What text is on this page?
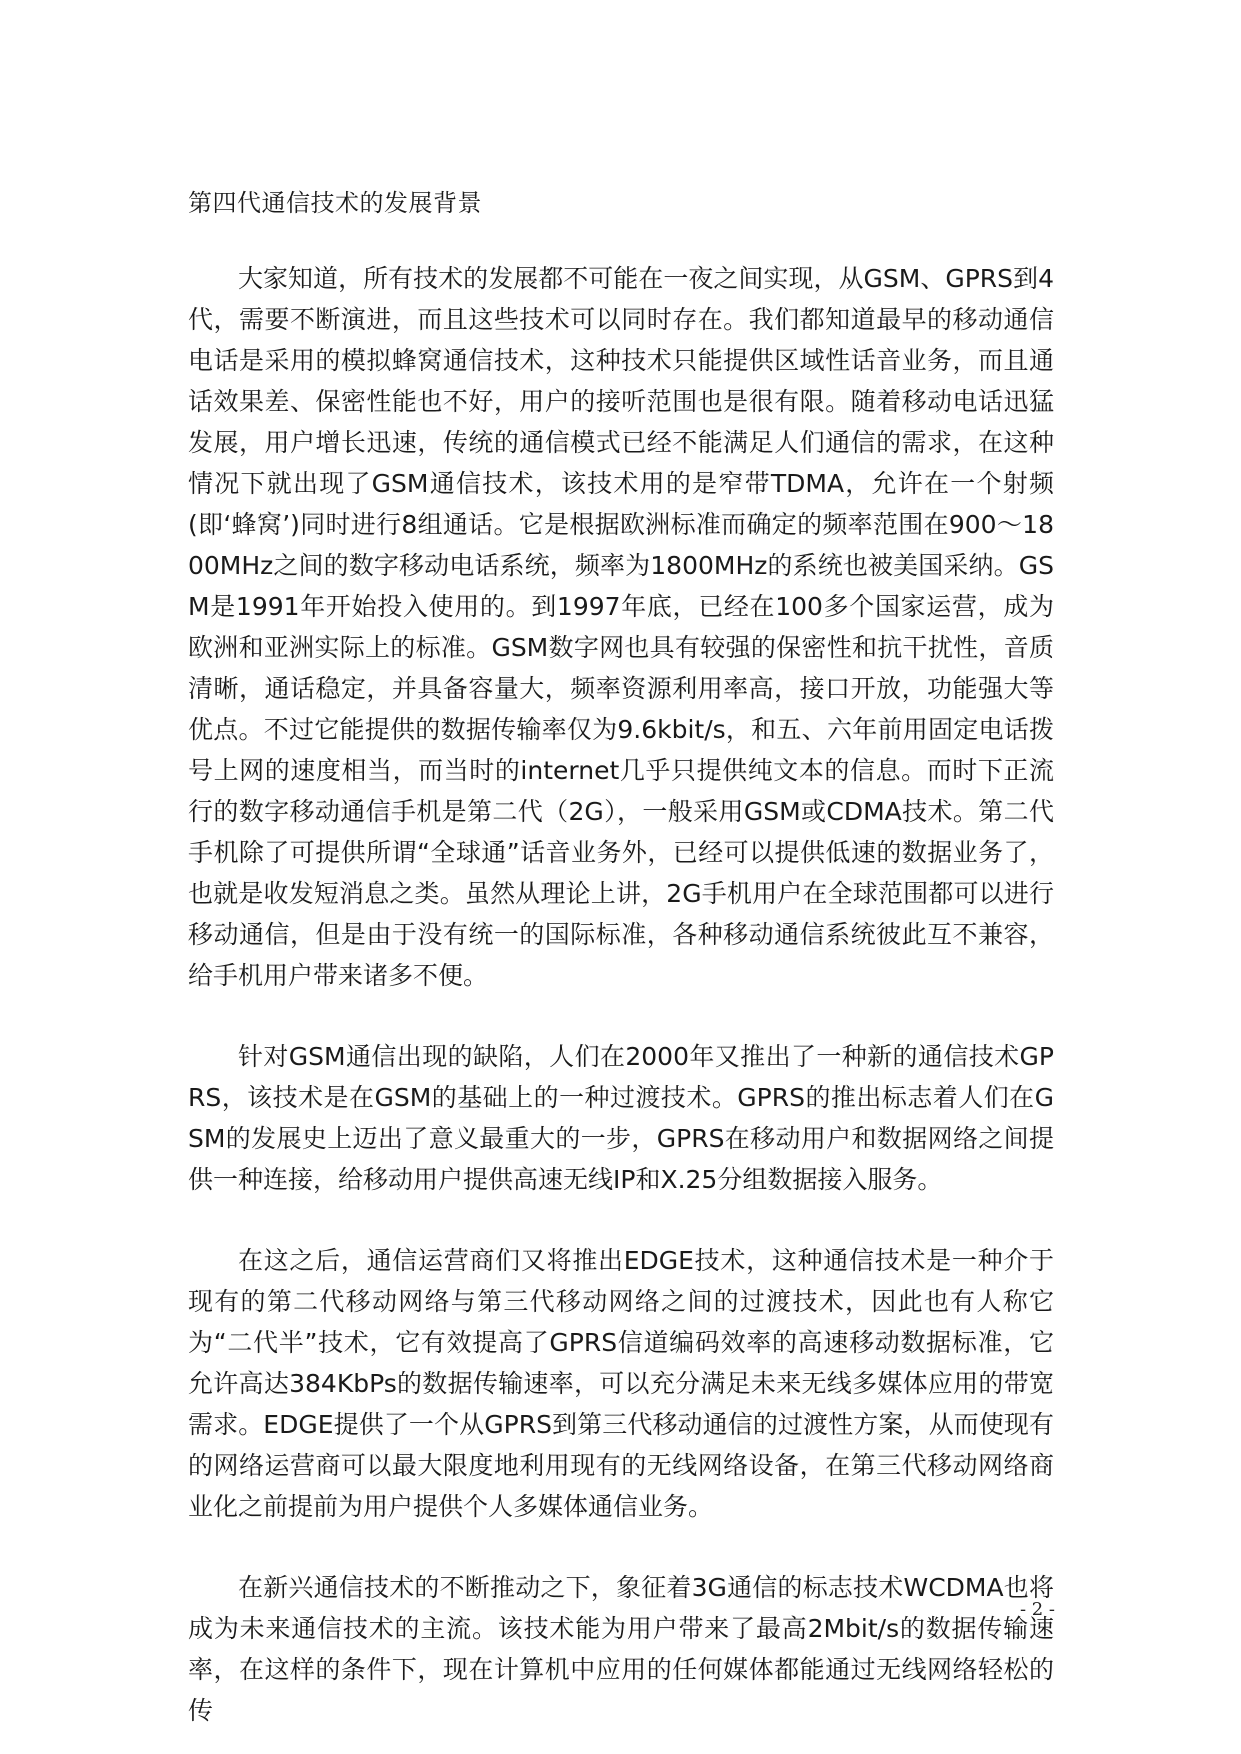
第四代通信技术的发展背景

大家知道，所有技术的发展都不可能在一夜之间实现，从GSM、GPRS到4代，需要不断演进，而且这些技术可以同时存在。我们都知道最早的移动通信电话是采用的模拟蜂窝通信技术，这种技术只能提供区域性话音业务，而且通话效果差、保密性能也不好，用户的接听范围也是很有限。随着移动电话迅猛发展，用户增长迅速，传统的通信模式已经不能满足人们通信的需求，在这种情况下就出现了GSM通信技术，该技术用的是窄带TDMA，允许在一个射频(即‘蜂窝’)同时进行8组通话。它是根据欧洲标准而确定的频率范围在900～1800MHz之间的数字移动电话系统，频率为1800MHz的系统也被美国采纳。GSM是1991年开始投入使用的。到1997年底，已经在100多个国家运营，成为欧洲和亚洲实际上的标准。GSM数字网也具有较强的保密性和抗干扰性，音质清晰，通话稳定，并具备容量大，频率资源利用率高，接口开放，功能强大等优点。不过它能提供的数据传输率仅为9.6kbit/s，和五、六年前用固定电话拨号上网的速度相当，而当时的internet几乎只提供纯文本的信息。而时下正流行的数字移动通信手机是第二代（2G），一般采用GSM或CDMA技术。第二代手机除了可提供所谓“全球通”话音业务外，已经可以提供低速的数据业务了，也就是收发短消息之类。虽然从理论上讲，2G手机用户在全球范围都可以进行移动通信，但是由于没有统一的国际标准，各种移动通信系统彼此互不兼容，给手机用户带来诸多不便。

针对GSM通信出现的缺陷，人们在2000年又推出了一种新的通信技术GPRS，该技术是在GSM的基础上的一种过渡技术。GPRS的推出标志着人们在GSM的发展史上迈出了意义最重大的一步，GPRS在移动用户和数据网络之间提供一种连接，给移动用户提供高速无线IP和X.25分组数据接入服务。

在这之后，通信运营商们又将推出EDGE技术，这种通信技术是一种介于现有的第二代移动网络与第三代移动网络之间的过渡技术，因此也有人称它为“二代半”技术，它有效提高了GPRS信道编码效率的高速移动数据标准，它允许高达384KbPs的数据传输速率，可以充分满足未来无线多媒体应用的带宽需求。EDGE提供了一个从GPRS到第三代移动通信的过渡性方案，从而使现有的网络运营商可以最大限度地利用现有的无线网络设备，在第三代移动网络商业化之前提前为用户提供个人多媒体通信业务。

在新兴通信技术的不断推动之下，象征着3G通信的标志技术WCDMA也将成为未来通信技术的主流。该技术能为用户带来了最高2Mbit/s的数据传输速率，在这样的条件下，现在计算机中应用的任何媒体都能通过无线网络轻松的传

- 2 -
